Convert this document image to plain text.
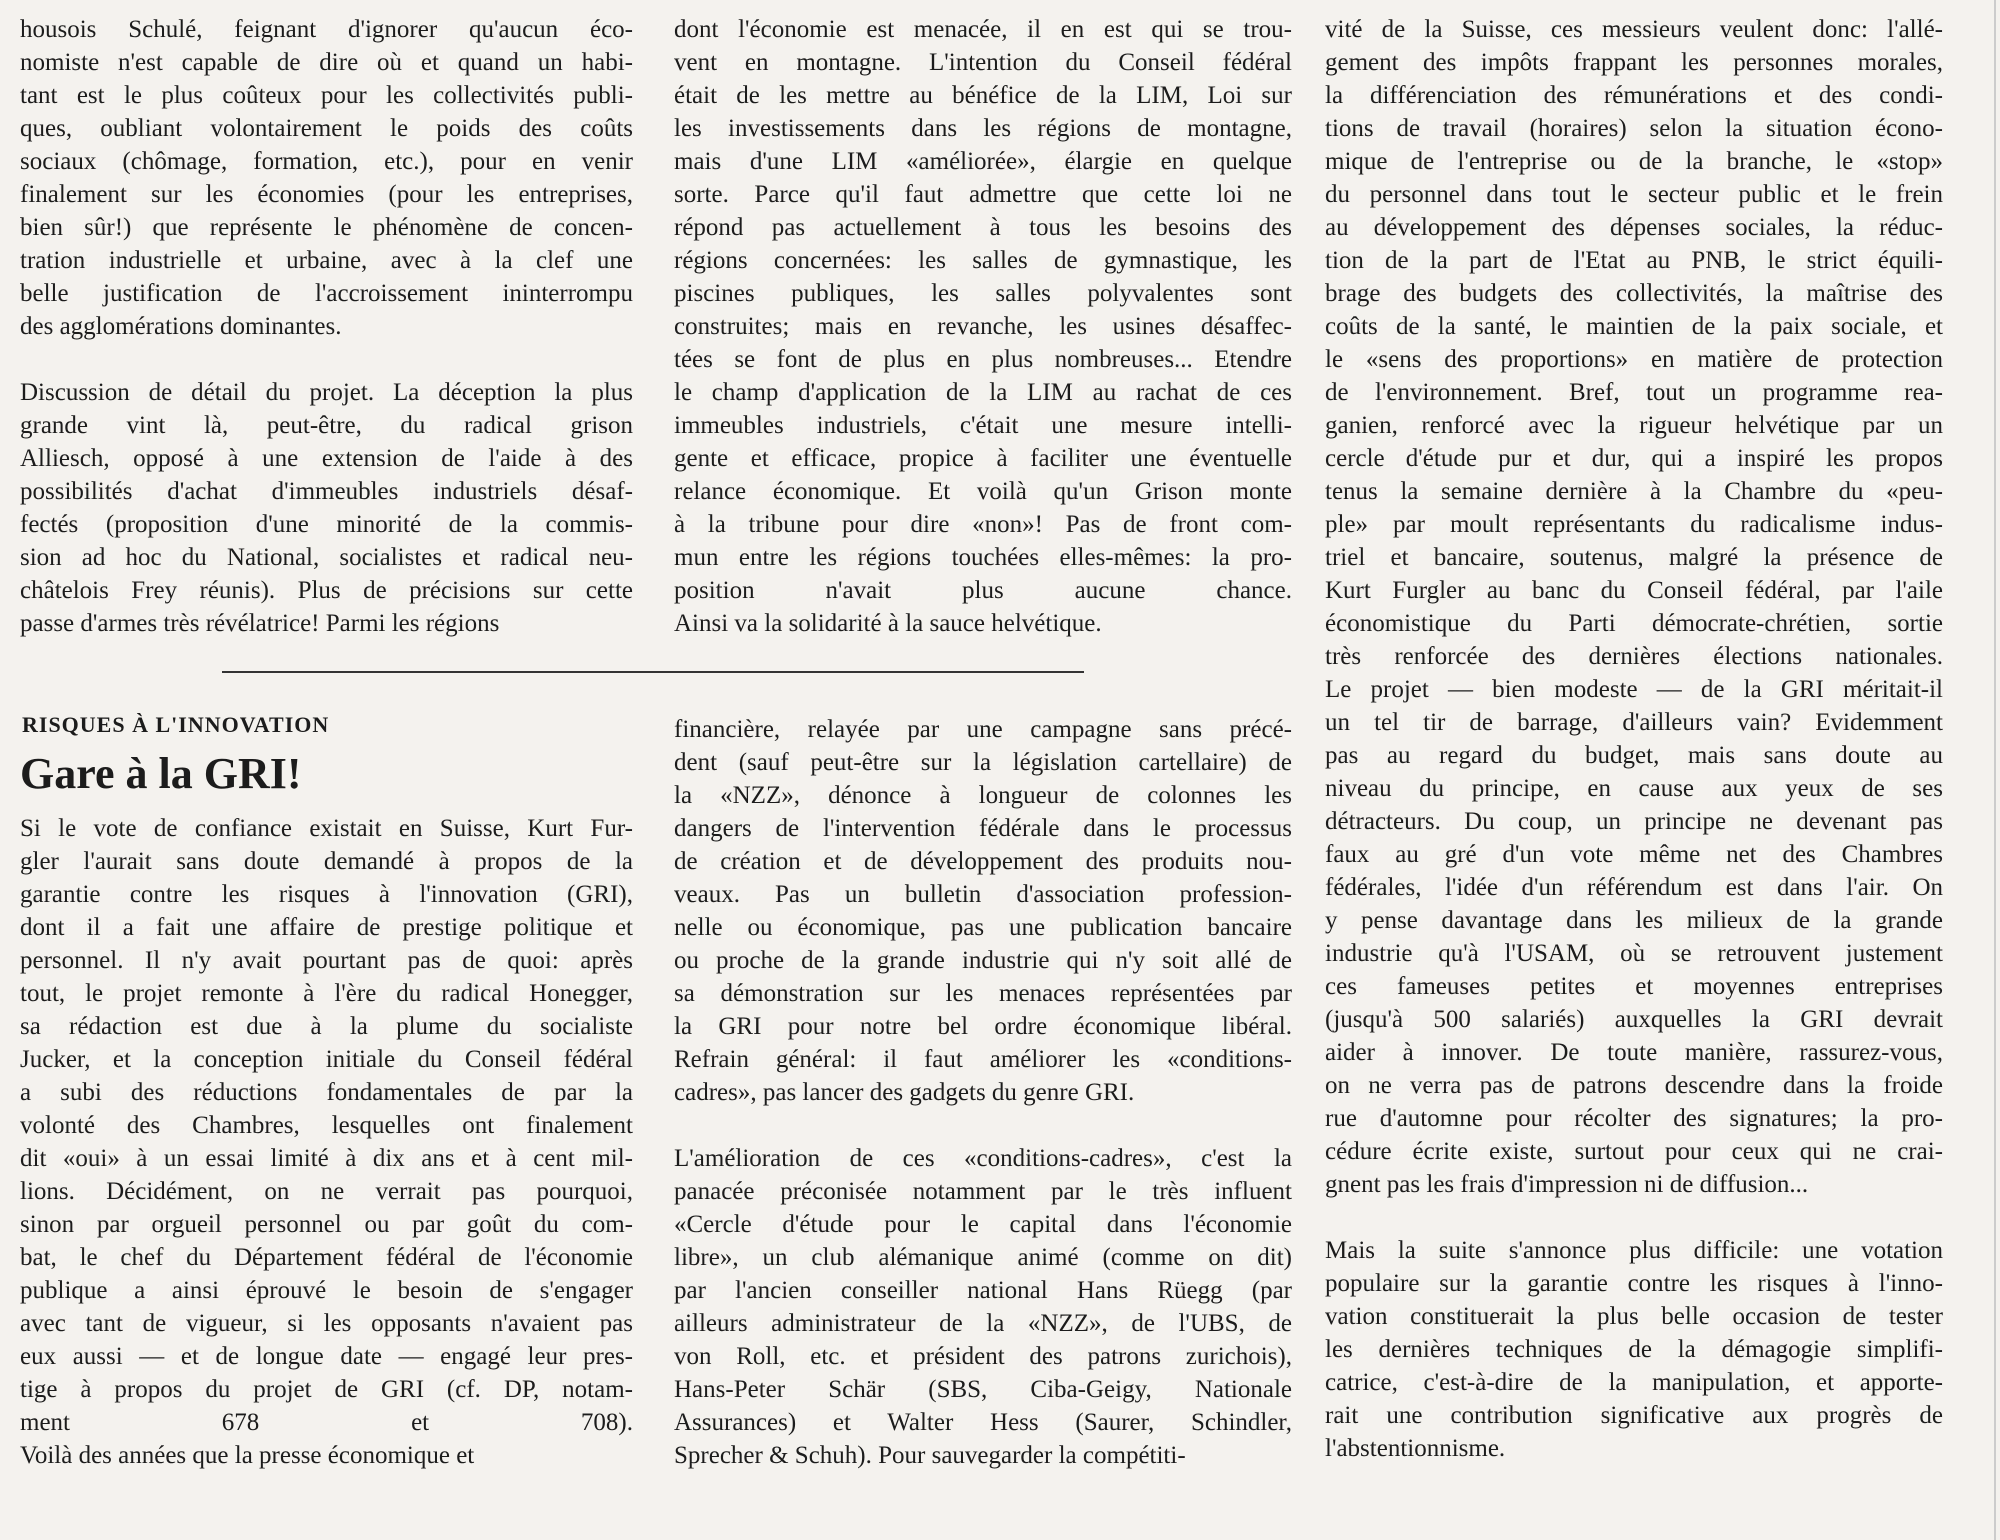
housois Schulé, feignant d'ignorer qu'aucun éco-
nomiste n'est capable de dire où et quand un habi-
tant est le plus coûteux pour les collectivités publi-
ques, oubliant volontairement le poids des coûts
sociaux (chômage, formation, etc.), pour en venir
finalement sur les économies (pour les entreprises,
bien sûr!) que représente le phénomène de concen-
tration industrielle et urbaine, avec à la clef une
belle justification de l'accroissement ininterrompu
des agglomérations dominantes.
Discussion de détail du projet. La déception la plus
grande vint là, peut-être, du radical grison
Alliesch, opposé à une extension de l'aide à des
possibilités d'achat d'immeubles industriels désaf-
fectés (proposition d'une minorité de la commis-
sion ad hoc du National, socialistes et radical neu-
châtelois Frey réunis). Plus de précisions sur cette
passe d'armes très révélatrice! Parmi les régions
dont l'économie est menacée, il en est qui se trou-
vent en montagne. L'intention du Conseil fédéral
était de les mettre au bénéfice de la LIM, Loi sur
les investissements dans les régions de montagne,
mais d'une LIM «améliorée», élargie en quelque
sorte. Parce qu'il faut admettre que cette loi ne
répond pas actuellement à tous les besoins des
régions concernées: les salles de gymnastique, les
piscines publiques, les salles polyvalentes sont
construites; mais en revanche, les usines désaffec-
tées se font de plus en plus nombreuses... Etendre
le champ d'application de la LIM au rachat de ces
immeubles industriels, c'était une mesure intelli-
gente et efficace, propice à faciliter une éventuelle
relance économique. Et voilà qu'un Grison monte
à la tribune pour dire «non»! Pas de front com-
mun entre les régions touchées elles-mêmes: la pro-
position n'avait plus aucune chance.
Ainsi va la solidarité à la sauce helvétique.
vité de la Suisse, ces messieurs veulent donc: l'allé-
gement des impôts frappant les personnes morales,
la différenciation des rémunérations et des condi-
tions de travail (horaires) selon la situation écono-
mique de l'entreprise ou de la branche, le «stop»
du personnel dans tout le secteur public et le frein
au développement des dépenses sociales, la réduc-
tion de la part de l'Etat au PNB, le strict équili-
brage des budgets des collectivités, la maîtrise des
coûts de la santé, le maintien de la paix sociale, et
le «sens des proportions» en matière de protection
de l'environnement. Bref, tout un programme rea-
ganien, renforcé avec la rigueur helvétique par un
cercle d'étude pur et dur, qui a inspiré les propos
tenus la semaine dernière à la Chambre du «peu-
ple» par moult représentants du radicalisme indus-
triel et bancaire, soutenus, malgré la présence de
Kurt Furgler au banc du Conseil fédéral, par l'aile
économistique du Parti démocrate-chrétien, sortie
très renforcée des dernières élections nationales.
Le projet — bien modeste — de la GRI méritait-il
un tel tir de barrage, d'ailleurs vain? Evidemment
pas au regard du budget, mais sans doute au
niveau du principe, en cause aux yeux de ses
détracteurs. Du coup, un principe ne devenant pas
faux au gré d'un vote même net des Chambres
fédérales, l'idée d'un référendum est dans l'air. On
y pense davantage dans les milieux de la grande
industrie qu'à l'USAM, où se retrouvent justement
ces fameuses petites et moyennes entreprises
(jusqu'à 500 salariés) auxquelles la GRI devrait
aider à innover. De toute manière, rassurez-vous,
on ne verra pas de patrons descendre dans la froide
rue d'automne pour récolter des signatures; la pro-
cédure écrite existe, surtout pour ceux qui ne crai-
gnent pas les frais d'impression ni de diffusion...
Mais la suite s'annonce plus difficile: une votation
populaire sur la garantie contre les risques à l'inno-
vation constituerait la plus belle occasion de tester
les dernières techniques de la démagogie simplifi-
catrice, c'est-à-dire de la manipulation, et apporte-
rait une contribution significative aux progrès de
l'abstentionnisme.
RISQUES À L'INNOVATION
Gare à la GRI!
Si le vote de confiance existait en Suisse, Kurt Fur-
gler l'aurait sans doute demandé à propos de la
garantie contre les risques à l'innovation (GRI),
dont il a fait une affaire de prestige politique et
personnel. Il n'y avait pourtant pas de quoi: après
tout, le projet remonte à l'ère du radical Honegger,
sa rédaction est due à la plume du socialiste
Jucker, et la conception initiale du Conseil fédéral
a subi des réductions fondamentales de par la
volonté des Chambres, lesquelles ont finalement
dit «oui» à un essai limité à dix ans et à cent mil-
lions. Décidément, on ne verrait pas pourquoi,
sinon par orgueil personnel ou par goût du com-
bat, le chef du Département fédéral de l'économie
publique a ainsi éprouvé le besoin de s'engager
avec tant de vigueur, si les opposants n'avaient pas
eux aussi — et de longue date — engagé leur pres-
tige à propos du projet de GRI (cf. DP, notam-
ment 678 et 708).
Voilà des années que la presse économique et
financière, relayée par une campagne sans précé-
dent (sauf peut-être sur la législation cartellaire) de
la «NZZ», dénonce à longueur de colonnes les
dangers de l'intervention fédérale dans le processus
de création et de développement des produits nou-
veaux. Pas un bulletin d'association profession-
nelle ou économique, pas une publication bancaire
ou proche de la grande industrie qui n'y soit allé de
sa démonstration sur les menaces représentées par
la GRI pour notre bel ordre économique libéral.
Refrain général: il faut améliorer les «conditions-
cadres», pas lancer des gadgets du genre GRI.
L'amélioration de ces «conditions-cadres», c'est la
panacée préconisée notamment par le très influent
«Cercle d'étude pour le capital dans l'économie
libre», un club alémanique animé (comme on dit)
par l'ancien conseiller national Hans Rüegg (par
ailleurs administrateur de la «NZZ», de l'UBS, de
von Roll, etc. et président des patrons zurichois),
Hans-Peter Schär (SBS, Ciba-Geigy, Nationale
Assurances) et Walter Hess (Saurer, Schindler,
Sprecher & Schuh). Pour sauvegarder la compétiti-
